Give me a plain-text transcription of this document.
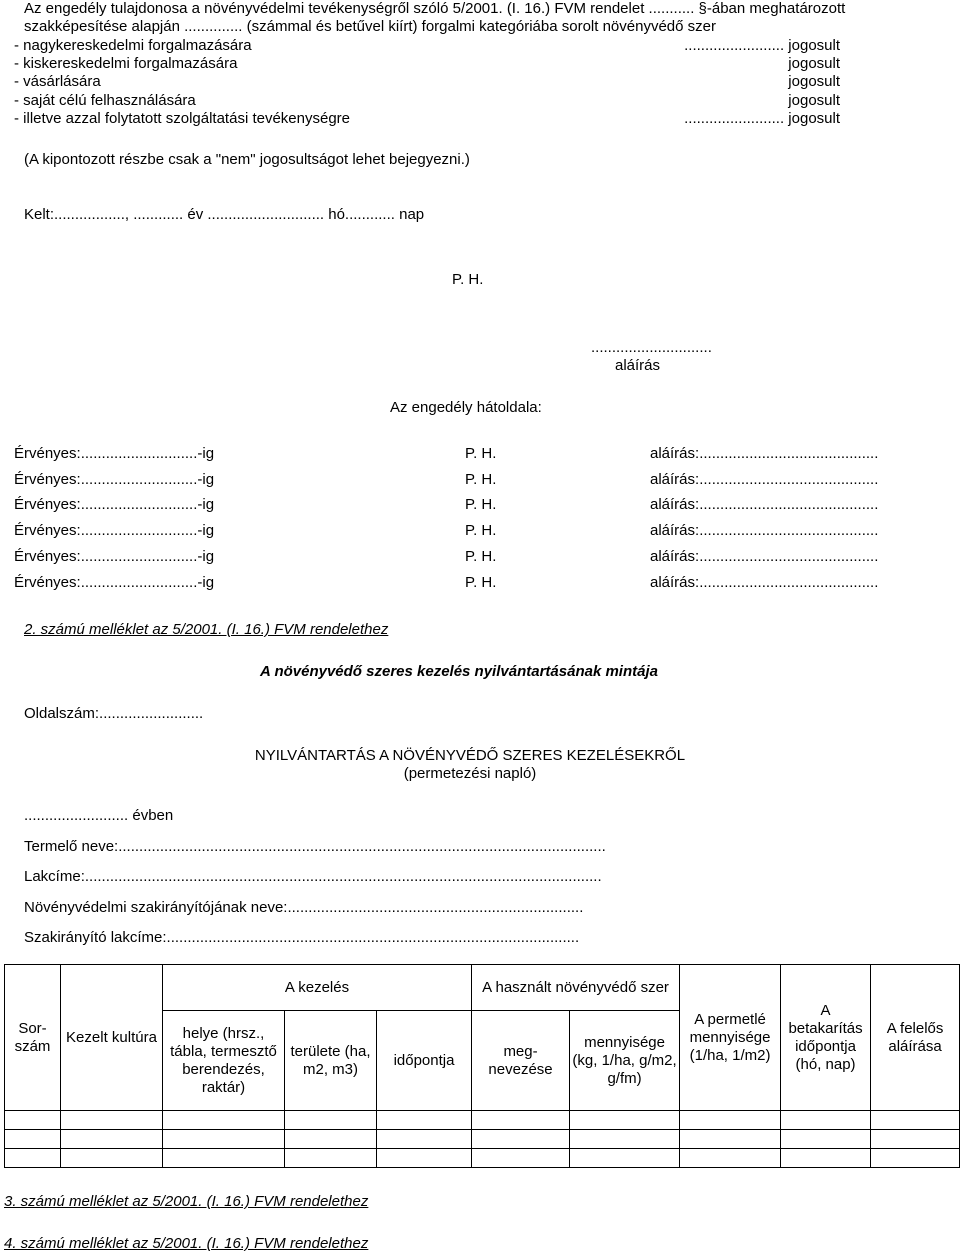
Az engedély tulajdonosa a növényvédelmi tevékenységről szóló 5/2001. (I. 16.) FVM rendelet ........... §-ában meghatározott
szakképesítése alapján .............. (számmal és betűvel kiírt) forgalmi kategóriába sorolt növényvédő szer
- nagykereskedelmi forgalmazására	........................ jogosult
- kiskereskedelmi forgalmazására	jogosult
- vásárlására	jogosult
- saját célú felhasználására	jogosult
- illetve azzal folytatott szolgáltatási tevékenységre	........................ jogosult
(A kipontozott részbe csak a "nem" jogosultságot lehet bejegyezni.)
Kelt:................., ............ év ............................ hó............ nap
P. H.
.............................
aláírás
Az engedély hátoldala:
Érvényes:............................-ig	P. H.	aláírás:...........................................
Érvényes:............................-ig	P. H.	aláírás:...........................................
Érvényes:............................-ig	P. H.	aláírás:...........................................
Érvényes:............................-ig	P. H.	aláírás:...........................................
Érvényes:............................-ig	P. H.	aláírás:...........................................
Érvényes:............................-ig	P. H.	aláírás:...........................................
2. számú melléklet az 5/2001. (I. 16.) FVM rendelethez
A növényvédő szeres kezelés nyilvántartásának mintája
Oldalszám:.........................
NYILVÁNTARTÁS A NÖVÉNYVÉDŐ SZERES KEZELÉSEKRŐL
(permetezési napló)
......................... évben
Termelő neve:.....................................................................................................................
Lakcíme:............................................................................................................................
Növényvédelmi szakirányítójának neve:.......................................................................
Szakirányító lakcíme:...................................................................................................
Sor-szám	Kezelt kultúra	A kezelés			A használt növényvédő szer		A permetlé mennyisége (1/ha, 1/m2)	A betakarítás időpontja (hó, nap)	A felelős aláírása
		helye (hrsz., tábla, termesztő berendezés, raktár)	területe (ha, m2, m3)	időpontja	meg-nevezése	mennyisége (kg, 1/ha, g/m2, g/fm)			

3. számú melléklet az 5/2001. (I. 16.) FVM rendelethez
4. számú melléklet az 5/2001. (I. 16.) FVM rendelethez
